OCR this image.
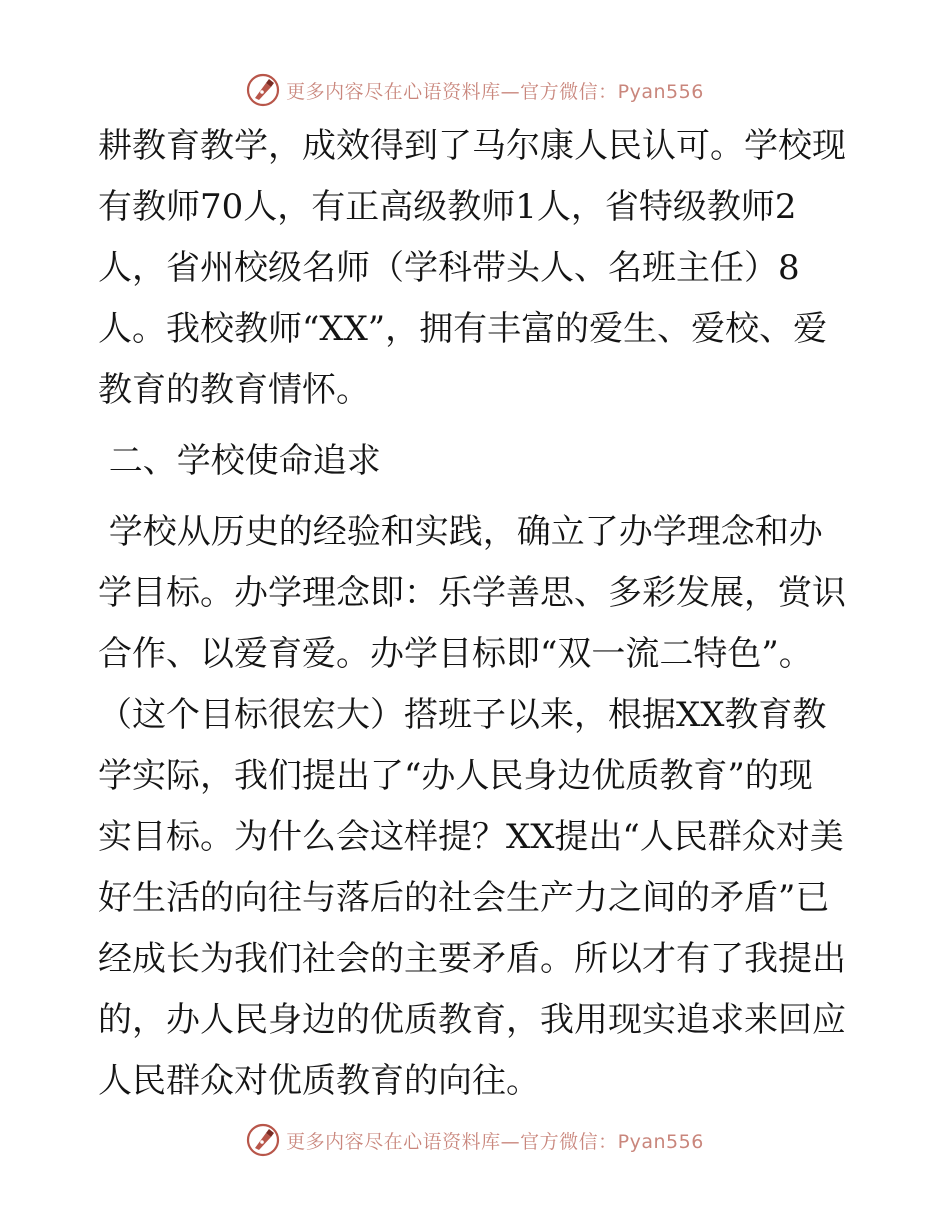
更多内容尽在心语资料库—官方微信：Pyan556
耕教育教学，成效得到了马尔康人民认可。学校现
有教师70人，有正高级教师1人，省特级教师2
人，省州校级名师（学科带头人、名班主任）8
人。我校教师“XX”，拥有丰富的爱生、爱校、爱
教育的教育情怀。
二、学校使命追求
学校从历史的经验和实践，确立了办学理念和办
学目标。办学理念即：乐学善思、多彩发展，赏识
合作、以爱育爱。办学目标即“双一流二特色”。
（这个目标很宏大）搭班子以来，根据XX教育教
学实际，我们提出了“办人民身边优质教育”的现
实目标。为什么会这样提？XX提出“人民群众对美
好生活的向往与落后的社会生产力之间的矛盾”已
经成长为我们社会的主要矛盾。所以才有了我提出
的，办人民身边的优质教育，我用现实追求来回应
人民群众对优质教育的向往。
更多内容尽在心语资料库—官方微信：Pyan556
